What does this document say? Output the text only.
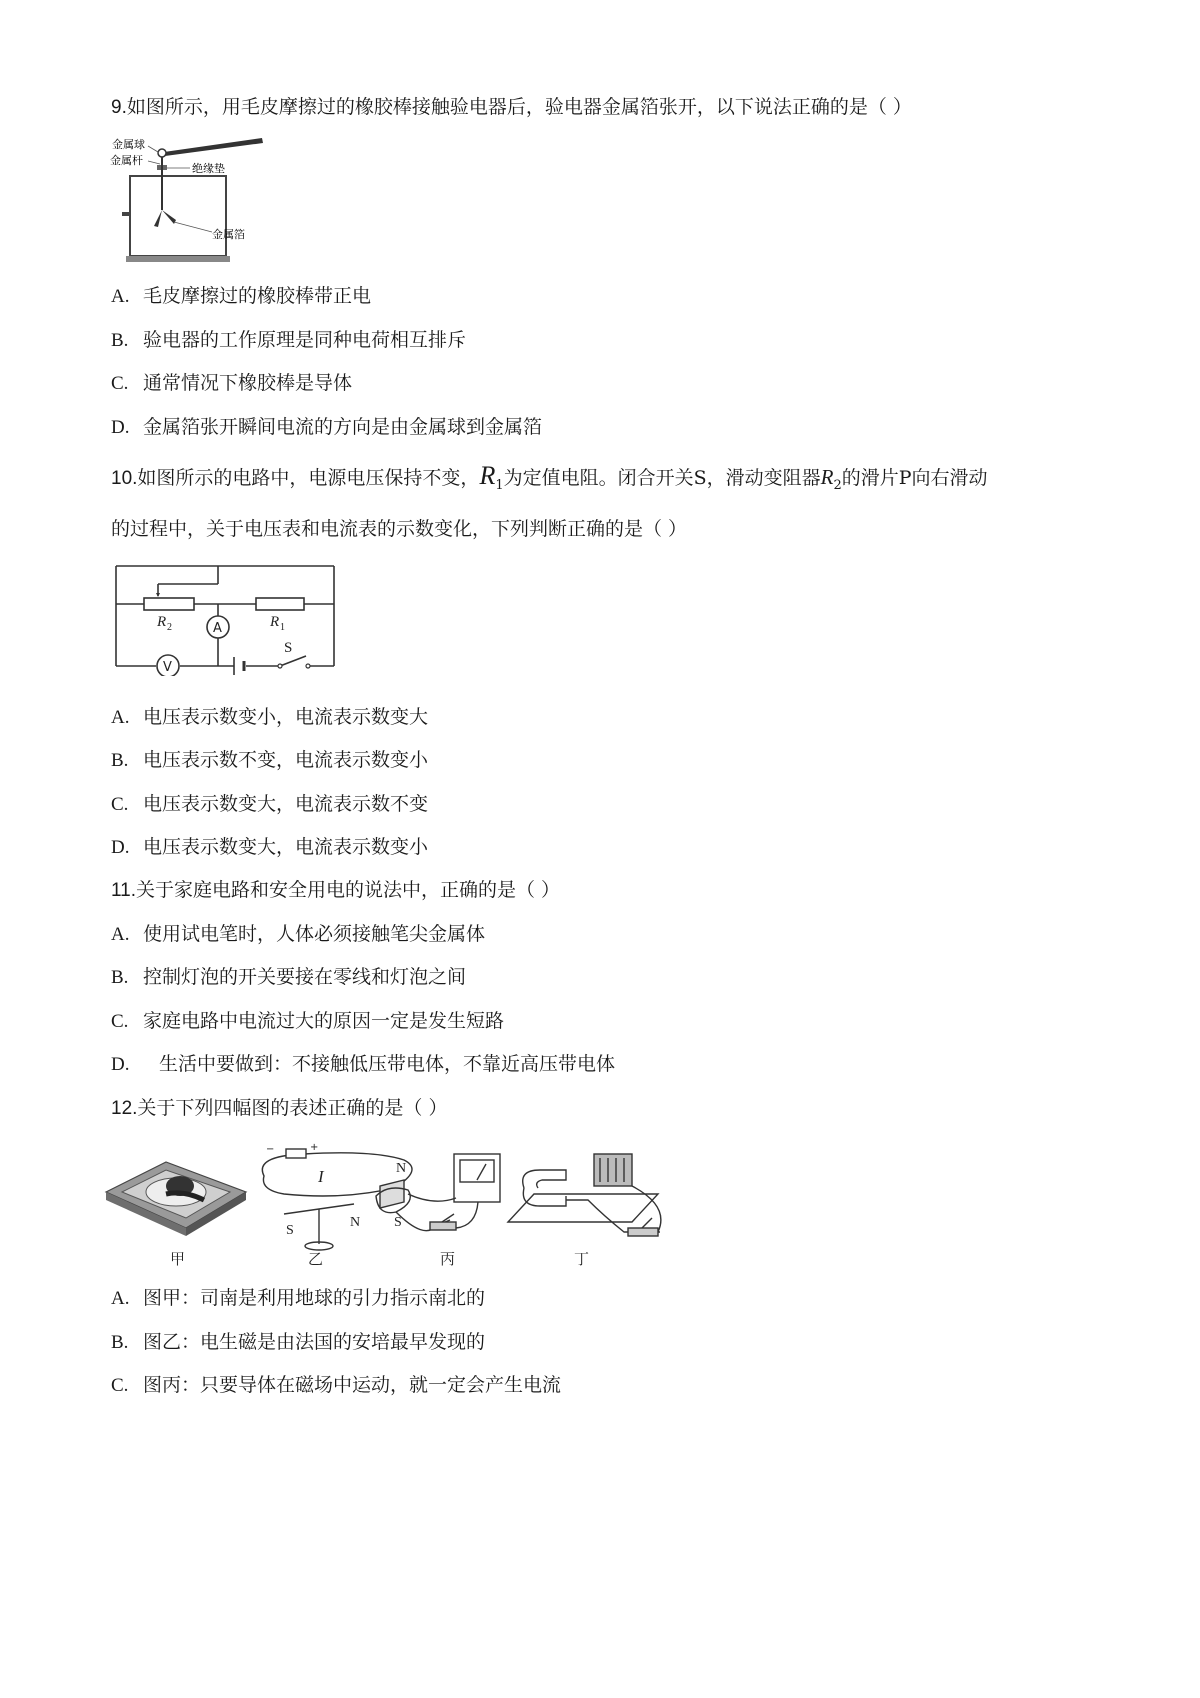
9.如图所示，用毛皮摩擦过的橡胶棒接触验电器后，验电器金属箔张开，以下说法正确的是（ ）
金属球
金属杆
绝缘垫
金属箔
A. 毛皮摩擦过的橡胶棒带正电
B. 验电器的工作原理是同种电荷相互排斥
C. 通常情况下橡胶棒是导体
D. 金属箔张开瞬间电流的方向是由金属球到金属箔
10.如图所示的电路中，电源电压保持不变，$R_1$为定值电阻。闭合开关S，滑动变阻器$R_2$的滑片P向右滑动
的过程中，关于电压表和电流表的示数变化，下列判断正确的是（ ）
R 2	R 1
A
V
S
A. 电压表示数变小，电流表示数变大
B. 电压表示数不变，电流表示数变小
C. 电压表示数变大，电流表示数不变
D. 电压表示数变大，电流表示数变小
11.关于家庭电路和安全用电的说法中，正确的是（ ）
A. 使用试电笔时，人体必须接触笔尖金属体
B. 控制灯泡的开关要接在零线和灯泡之间
C. 家庭电路中电流过大的原因一定是发生短路
D. 生活中要做到：不接触低压带电体，不靠近高压带电体
12.关于下列四幅图的表述正确的是（ ）
−	+
I
S
N
N
S
甲	乙	丙	丁
A. 图甲：司南是利用地球的引力指示南北的
B. 图乙：电生磁是由法国的安培最早发现的
C. 图丙：只要导体在磁场中运动，就一定会产生电流
